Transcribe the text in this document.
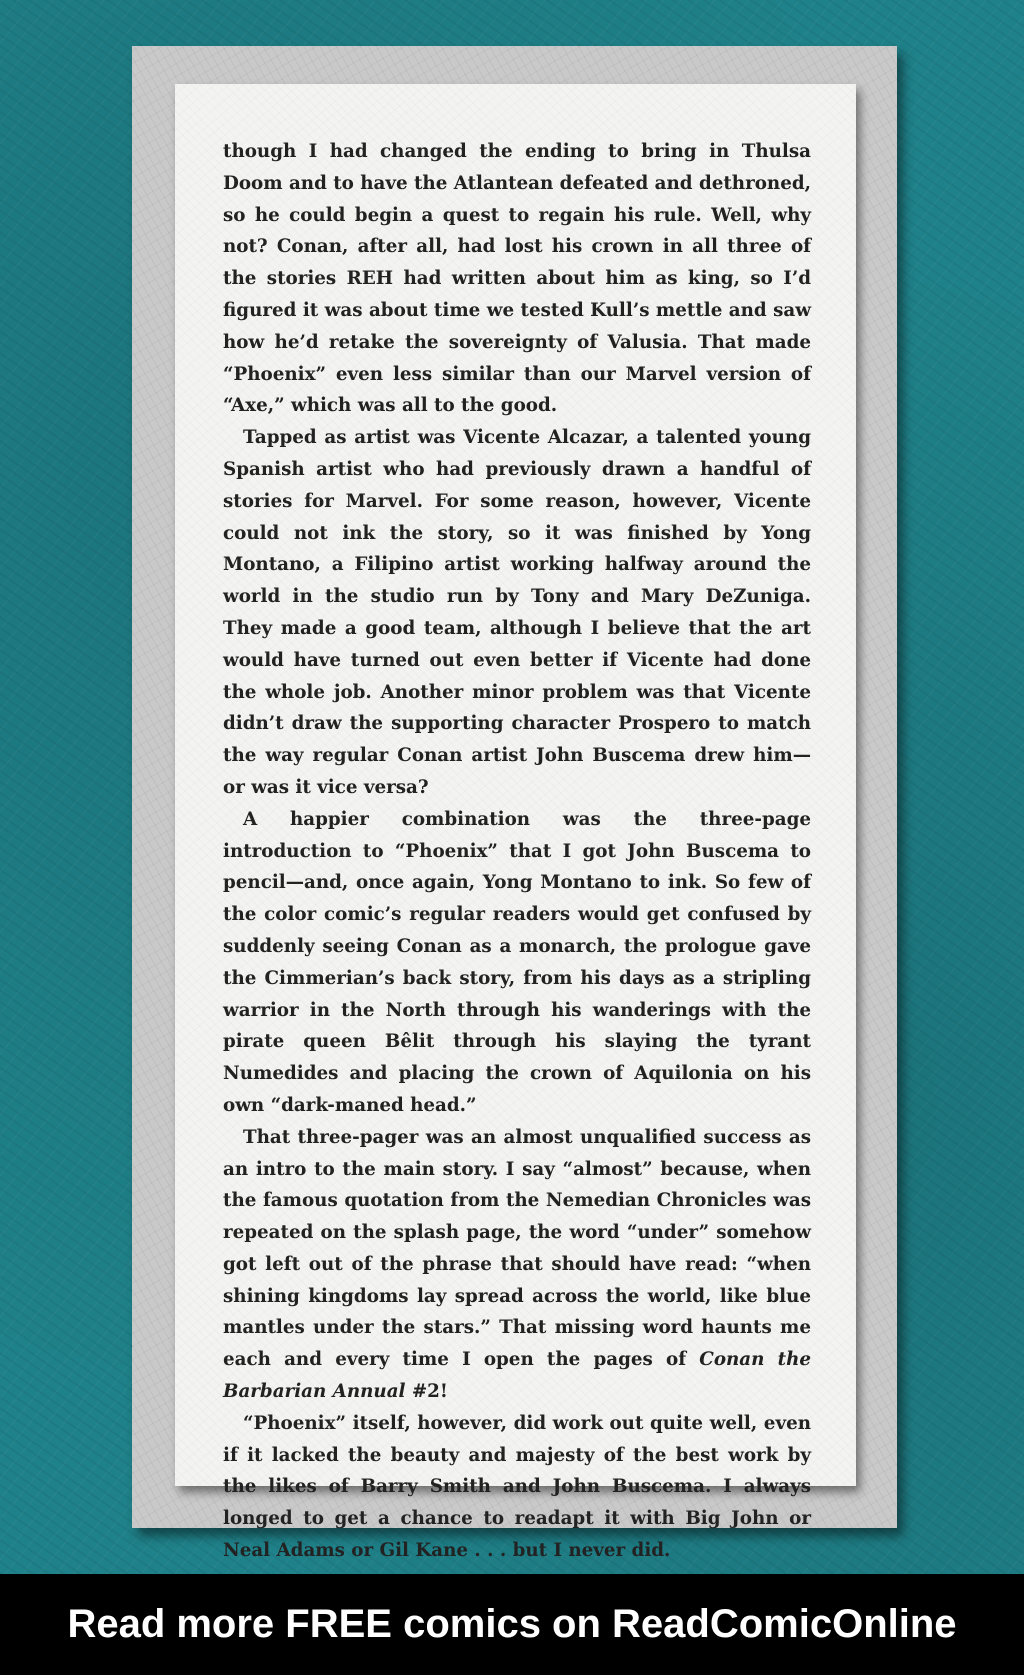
though I had changed the ending to bring in Thulsa Doom and to have the Atlantean defeated and dethroned, so he could begin a quest to regain his rule. Well, why not? Conan, after all, had lost his crown in all three of the stories REH had written about him as king, so I’d figured it was about time we tested Kull’s mettle and saw how he’d retake the sovereignty of Valusia. That made “Phoenix” even less similar than our Marvel version of “Axe,” which was all to the good.

Tapped as artist was Vicente Alcazar, a talented young Spanish artist who had previously drawn a handful of stories for Marvel. For some reason, however, Vicente could not ink the story, so it was finished by Yong Montano, a Filipino artist working halfway around the world in the studio run by Tony and Mary DeZuniga. They made a good team, although I believe that the art would have turned out even better if Vicente had done the whole job. Another minor problem was that Vicente didn’t draw the supporting character Prospero to match the way regular Conan artist John Buscema drew him—or was it vice versa?

A happier combination was the three-page introduction to “Phoenix” that I got John Buscema to pencil—and, once again, Yong Montano to ink. So few of the color comic’s regular readers would get confused by suddenly seeing Conan as a monarch, the prologue gave the Cimmerian’s back story, from his days as a stripling warrior in the North through his wanderings with the pirate queen Bêlit through his slaying the tyrant Numedides and placing the crown of Aquilonia on his own “dark-maned head.”

That three-pager was an almost unqualified success as an intro to the main story. I say “almost” because, when the famous quotation from the Nemedian Chronicles was repeated on the splash page, the word “under” somehow got left out of the phrase that should have read: “when shining kingdoms lay spread across the world, like blue mantles under the stars.” That missing word haunts me each and every time I open the pages of Conan the Barbarian Annual #2!

“Phoenix” itself, however, did work out quite well, even if it lacked the beauty and majesty of the best work by the likes of Barry Smith and John Buscema. I always longed to get a chance to readapt it with Big John or Neal Adams or Gil Kane . . . but I never did.

Read more FREE comics on ReadComicOnline
